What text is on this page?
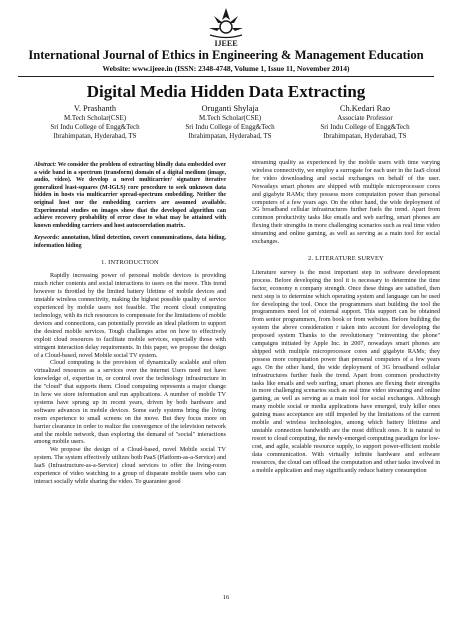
IJEEE
International Journal of Ethics in Engineering & Management Education
Website: www.ijeee.in (ISSN: 2348-4748, Volume 1, Issue 11, November 2014)
Digital Media Hidden Data Extracting
V. Prashanth
M.Tech Scholar(CSE)
Sri Indu College of Engg&Tech
Ibrahimpatan, Hyderabad, TS
Oruganti Shylaja
M.Tech Scholar(CSE)
Sri Indu College of Engg&Tech
Ibrahimpatan, Hyderabad, TS
Ch.Kedari Rao
Associate Professor
Sri Indu College of Engg&Tech
Ibrahimpatan, Hyderabad, TS

Abstract: We consider the problem of extracting blindly data embedded over a wide band in a spectrum (transform) domain of a digital medium (image, audio, video). We develop a novel multicarrier/ signature iterative generalized least-squares (M-IGLS) core procedure to seek unknown data hidden in hosts via multicarrier spread-spectrum embedding. Neither the original host nor the embedding carriers are assumed available. Experimental studies on images show that the developed algorithm can achieve recovery probability of error close to what may be attained with known embedding carriers and host autocorrelation matrix.

Keywords: annotation, blind detection, covert communications, data hiding, information hiding

1. INTRODUCTION

Rapidly increasing power of personal mobile devices is providing much richer contents and social interactions to users on the move. This trend however is throttled by the limited battery lifetime of mobile devices and unstable wireless connectivity, making the highest possible quality of service experienced by mobile users not feasible. The recent cloud computing technology, with its rich resources to compensate for the limitations of mobile devices and connections, can potentially provide an ideal platform to support the desired mobile services. Tough challenges arise on how to effectively exploit cloud resources to facilitate mobile services, especially those with stringent interaction delay requirements. In this paper, we propose the design of a Cloud-based, novel Mobile social TV system.

Cloud computing is the provision of dynamically scalable and often virtualized resources as a services over the internet Users need not have knowledge of, expertise in, or control over the technology infrastructure in the "cloud" that supports them. Cloud computing represents a major change in how we store information and run applications. A number of mobile TV systems have sprung up in recent years, driven by both hardware and software advances in mobile devices. Some early systems bring the living room experience to small screens on the move. But they focus more on barrier clearance in order to realize the convergence of the television network and the mobile network, than exploring the demand of "social" interactions among mobile users.

We propose the design of a Cloud-based, novel Mobile social TV system. The system effectively utilizes both PaaS (Platform-as-a-Service) and IaaS (Infrastructure-as-a-Service) cloud services to offer the living-room experience of video watching to a group of disparate mobile users who can interact socially while sharing the video. To guarantee good

streaming quality as experienced by the mobile users with time varying wireless connectivity, we employ a surrogate for each user in the IaaS cloud for video downloading and social exchanges on behalf of the user. Nowadays smart phones are shipped with multiple microprocessor cores and gigabyte RAMs; they possess more computation power than personal computers of a few years ago. On the other hand, the wide deployment of 3G broadband cellular infrastructures further fuels the trend. Apart from common productivity tasks like emails and web surfing, smart phones are flexing their strengths in more challenging scenarios such as real time video streaming and online gaming, as well as serving as a main tool for social exchanges.

2. LITERATURE SURVEY

Literature survey is the most important step in software development process. Before developing the tool it is necessary to determine the time factor, economy n company strength. Once these things are satisfied, then next step is to determine which operating system and language can be used for developing the tool. Once the programmers start building the tool the programmers need lot of external support. This support can be obtained from senior programmers, from book or from websites. Before building the system the above consideration r taken into account for developing the proposed system Thanks to the revolutionary "reinventing the phone" campaigns initiated by Apple Inc. in 2007, nowadays smart phones are shipped with multiple microprocessor cores and gigabyte RAMs; they possess more computation power than personal computers of a few years ago. On the other hand, the wide deployment of 3G broadband cellular infrastructures further fuels the trend. Apart from common productivity tasks like emails and web surfing, smart phones are flexing their strengths in more challenging scenarios such as real time video streaming and online gaming, as well as serving as a main tool for social exchanges. Although many mobile social or media applications have emerged, truly killer ones gaining mass acceptance are still impeded by the limitations of the current mobile and wireless technologies, among which battery lifetime and unstable connection bandwidth are the most difficult ones. It is natural to resort to cloud computing, the newly-emerged computing paradigm for low-cost, and agile, scalable resource supply, to support power-efficient mobile data communication. With virtually infinite hardware and software resources, the cloud can offload the computation and other tasks involved in a mobile application and may significantly reduce battery consumption

16
